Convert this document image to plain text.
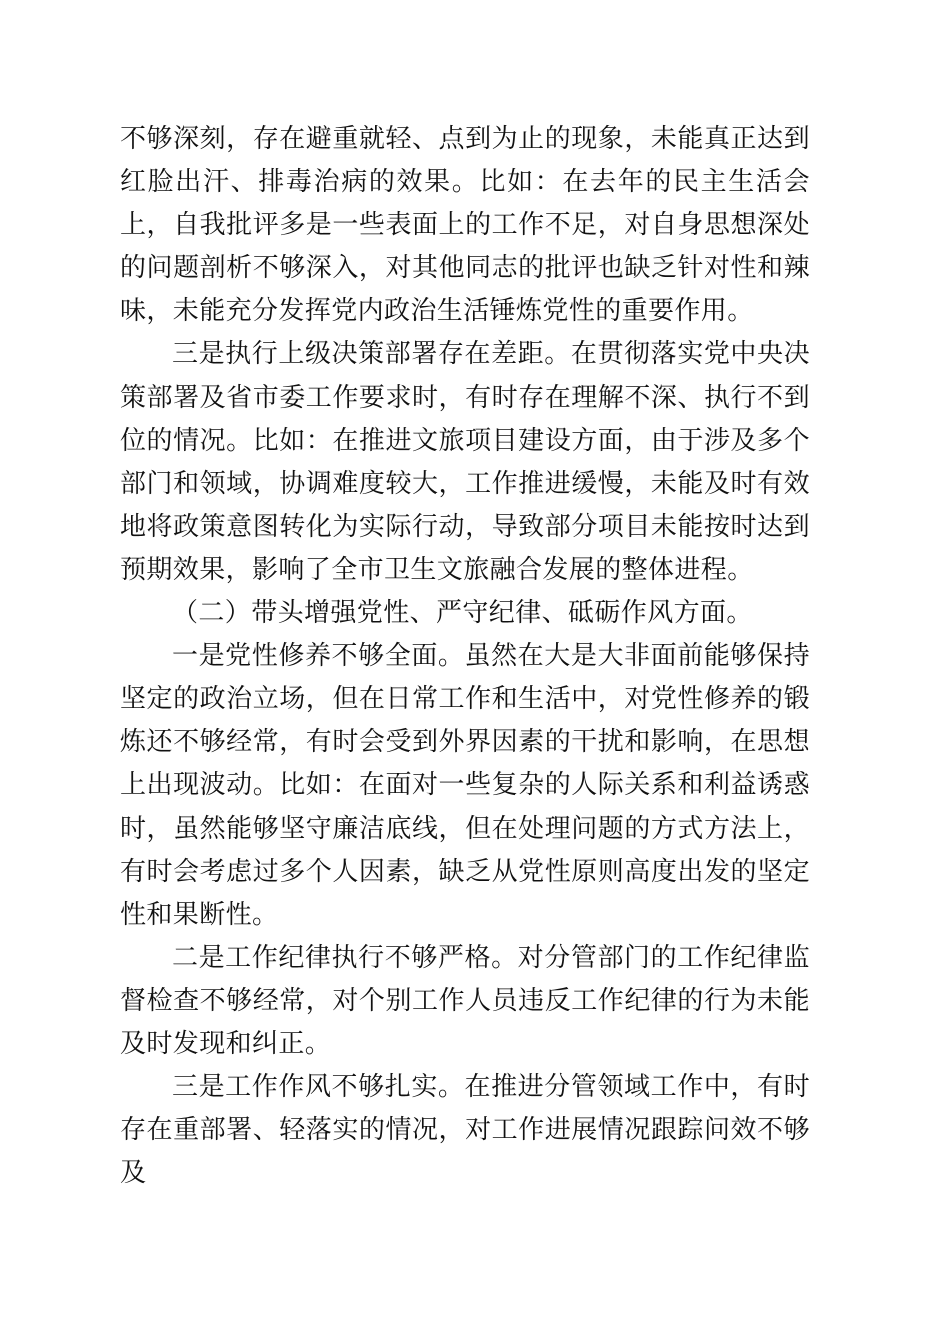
不够深刻，存在避重就轻、点到为止的现象，未能真正达到红脸出汗、排毒治病的效果。比如：在去年的民主生活会上，自我批评多是一些表面上的工作不足，对自身思想深处的问题剖析不够深入，对其他同志的批评也缺乏针对性和辣味，未能充分发挥党内政治生活锤炼党性的重要作用。

三是执行上级决策部署存在差距。在贯彻落实党中央决策部署及省市委工作要求时，有时存在理解不深、执行不到位的情况。比如：在推进文旅项目建设方面，由于涉及多个部门和领域，协调难度较大，工作推进缓慢，未能及时有效地将政策意图转化为实际行动，导致部分项目未能按时达到预期效果，影响了全市卫生文旅融合发展的整体进程。

（二）带头增强党性、严守纪律、砥砺作风方面。

一是党性修养不够全面。虽然在大是大非面前能够保持坚定的政治立场，但在日常工作和生活中，对党性修养的锻炼还不够经常，有时会受到外界因素的干扰和影响，在思想上出现波动。比如：在面对一些复杂的人际关系和利益诱惑时，虽然能够坚守廉洁底线，但在处理问题的方式方法上，有时会考虑过多个人因素，缺乏从党性原则高度出发的坚定性和果断性。

二是工作纪律执行不够严格。对分管部门的工作纪律监督检查不够经常，对个别工作人员违反工作纪律的行为未能及时发现和纠正。

三是工作作风不够扎实。在推进分管领域工作中，有时存在重部署、轻落实的情况，对工作进展情况跟踪问效不够及
